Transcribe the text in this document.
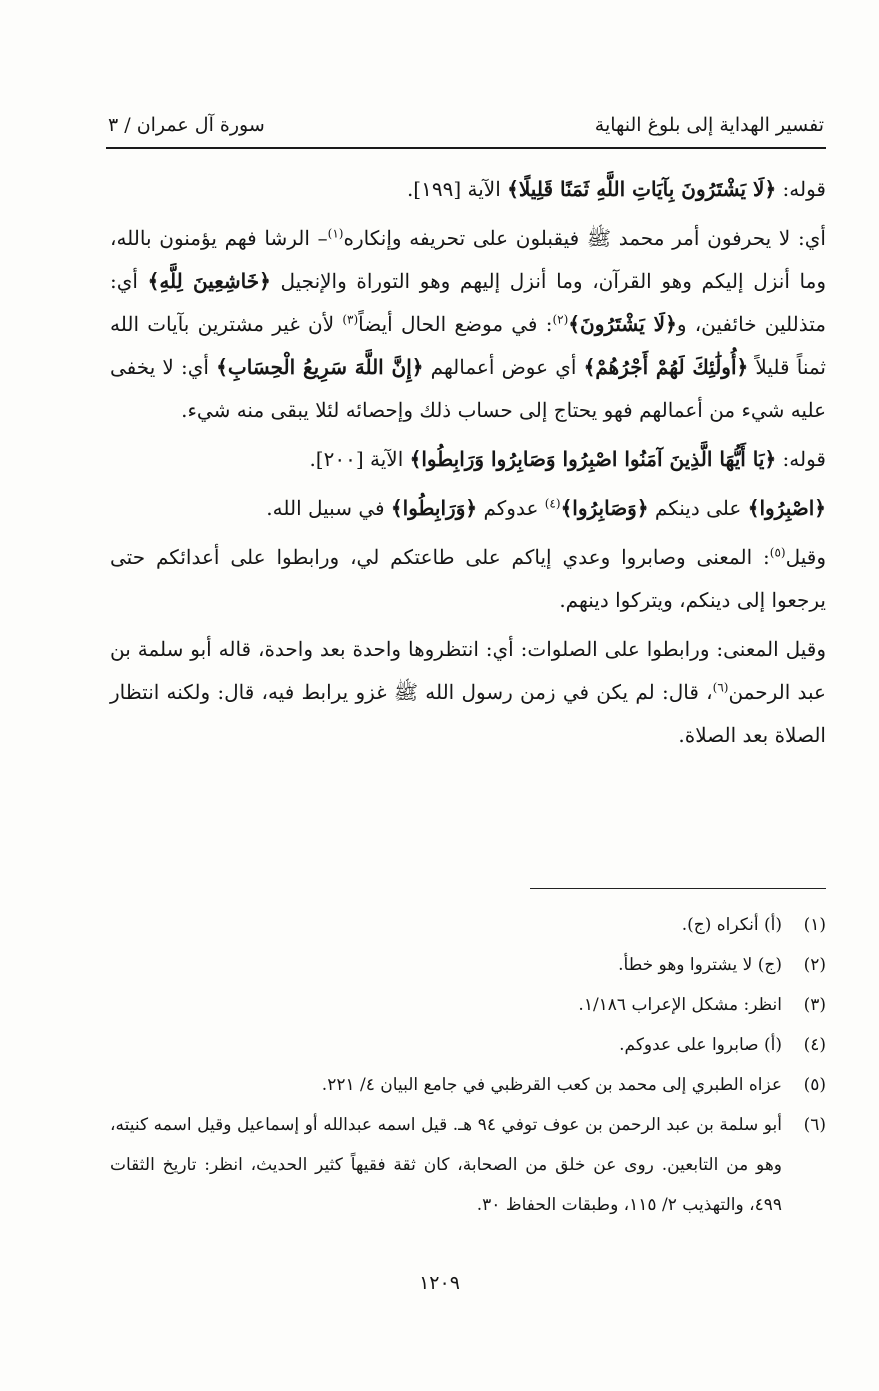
تفسير الهداية إلى بلوغ النهاية
سورة آل عمران / ٣

قوله: ﴿لَا يَشْتَرُونَ بِآيَاتِ اللَّهِ ثَمَنًا قَلِيلًا﴾ الآية [١٩٩].

أي: لا يحرفون أمر محمد ﷺ فيقبلون على تحريفه وإنكاره$^{(١)}$– الرشا فهم يؤمنون بالله، وما أنزل إليكم وهو القرآن، وما أنزل إليهم وهو التوراة والإنجيل ﴿خَاشِعِينَ لِلَّهِ﴾ أي: متذللين خائفين، و﴿لَا يَشْتَرُونَ﴾$^{(٢)}$: في موضع الحال أيضاً$^{(٣)}$ لأن غير مشترين بآيات الله ثمناً قليلاً ﴿أُولَٰئِكَ لَهُمْ أَجْرُهُمْ﴾ أي عوض أعمالهم ﴿إِنَّ اللَّهَ سَرِيعُ الْحِسَابِ﴾ أي: لا يخفى عليه شيء من أعمالهم فهو يحتاج إلى حساب ذلك وإحصائه لئلا يبقى منه شيء.

قوله: ﴿يَا أَيُّهَا الَّذِينَ آمَنُوا اصْبِرُوا وَصَابِرُوا وَرَابِطُوا﴾ الآية [٢٠٠].

﴿اصْبِرُوا﴾ على دينكم ﴿وَصَابِرُوا﴾$^{(٤)}$ عدوكم ﴿وَرَابِطُوا﴾ في سبيل الله.

وقيل$^{(٥)}$: المعنى وصابروا وعدي إياكم على طاعتكم لي، ورابطوا على أعدائكم حتى يرجعوا إلى دينكم، ويتركوا دينهم.

وقيل المعنى: ورابطوا على الصلوات: أي: انتظروها واحدة بعد واحدة، قاله أبو سلمة بن عبد الرحمن$^{(٦)}$، قال: لم يكن في زمن رسول الله ﷺ غزو يرابط فيه، قال: ولكنه انتظار الصلاة بعد الصلاة.

(١)
(أ) أنكراه (ج).
(٢)
(ج) لا يشتروا وهو خطأ.
(٣)
انظر: مشكل الإعراب ١/١٨٦.
(٤)
(أ) صابروا على عدوكم.
(٥)
عزاه الطبري إلى محمد بن كعب القرظبي في جامع البيان ٤/ ٢٢١.
(٦)
أبو سلمة بن عبد الرحمن بن عوف توفي ٩٤ هـ. قيل اسمه عبدالله أو إسماعيل وقيل اسمه كنيته، وهو من التابعين. روى عن خلق من الصحابة، كان ثقة فقيهاً كثير الحديث، انظر: تاريخ الثقات ٤٩٩، والتهذيب ٢/ ١١٥، وطبقات الحفاظ ٣٠.
١٢٠٩
